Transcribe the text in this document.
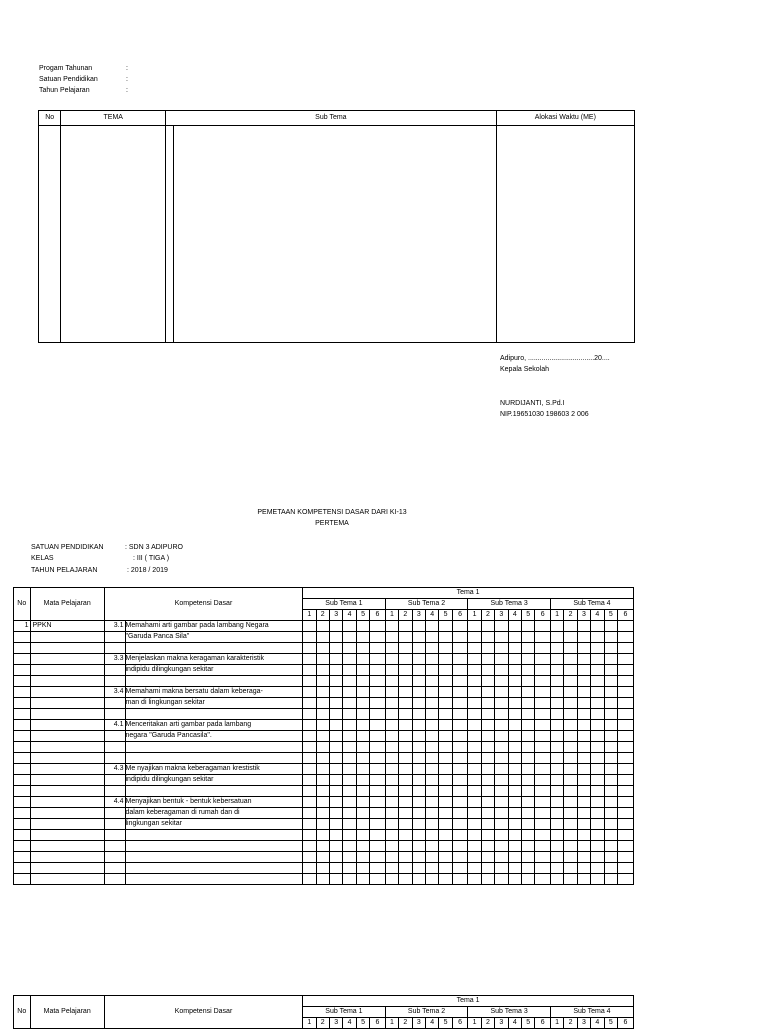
Progam Tahunan	:
Satuan Pendidikan	:
Tahun Pelajaran	:
No	TEMA	Sub Tema		Alokasi Waktu (ME)

Adipuro, ..................................20....
Kepala Sekolah
NURDIJANTI, S.Pd.I
NIP.19651030 198603 2 006
PEMETAAN KOMPETENSI DASAR DARI KI-13
PERTEMA
SATUAN PENDIDIKAN	: SDN 3 ADIPURO
KELAS	: III ( TIGA )
TAHUN PELAJARAN	: 2018 / 2019
No	Mata Pelajaran	Kompetensi Dasar		Tema 1																							
				Sub Tema 1						Sub Tema 2						Sub Tema 3						Sub Tema 4					
				1	2	3	4	5	6	1	2	3	4	5	6	1	2	3	4	5	6	1	2	3	4	5	6
1	PPKN	3.1	Memahami arti gambar pada lambang Negara																								
			"Garuda Panca Sila"																								

		3.3	Menjelaskan makna keragaman karakteristik																								
			indipidu dilingkungan sekitar																								

		3.4	Memahami makna bersatu dalam keberaga-																								
			man di lingkungan sekitar																								

		4.1	Menceritakan arti gambar pada lambang																								
			negara "Garuda Pancasila".																								

		4.3	Me nyajikan makna keberagaman krestistik																								
			indipidu dilingkungan sekitar																								

		4.4	Menyajikan bentuk - bentuk kebersatuan																								
			dalam keberagaman di rumah dan di																								
			lingkungan sekitar																								

No	Mata Pelajaran	Kompetensi Dasar	Tema 1																							
			Sub Tema 1						Sub Tema 2						Sub Tema 3						Sub Tema 4					
			1	2	3	4	5	6	1	2	3	4	5	6	1	2	3	4	5	6	1	2	3	4	5	6
